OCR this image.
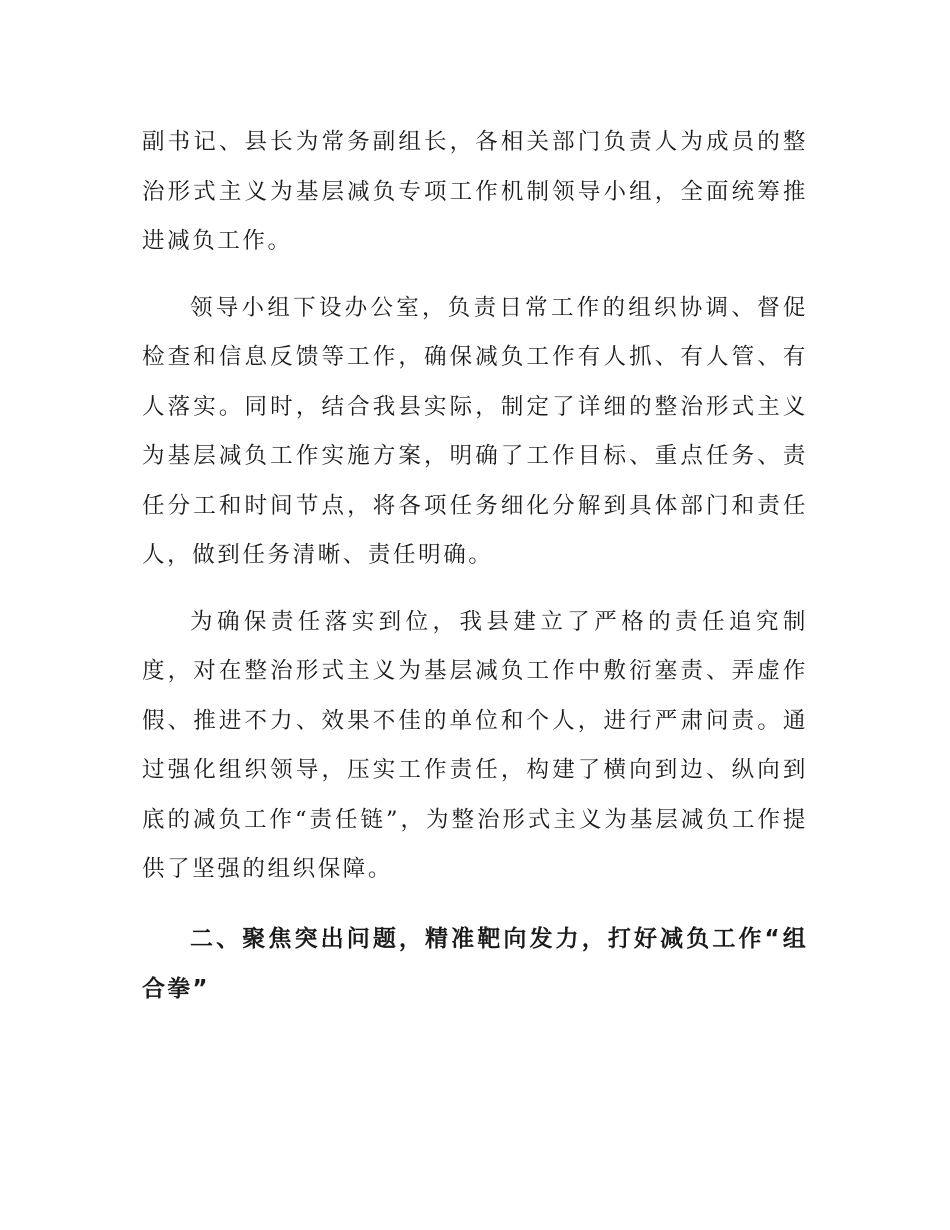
副书记、县长为常务副组长，各相关部门负责人为成员的整治形式主义为基层减负专项工作机制领导小组，全面统筹推进减负工作。

领导小组下设办公室，负责日常工作的组织协调、督促检查和信息反馈等工作，确保减负工作有人抓、有人管、有人落实。同时，结合我县实际，制定了详细的整治形式主义为基层减负工作实施方案，明确了工作目标、重点任务、责任分工和时间节点，将各项任务细化分解到具体部门和责任人，做到任务清晰、责任明确。

为确保责任落实到位，我县建立了严格的责任追究制度，对在整治形式主义为基层减负工作中敷衍塞责、弄虚作假、推进不力、效果不佳的单位和个人，进行严肃问责。通过强化组织领导，压实工作责任，构建了横向到边、纵向到底的减负工作“责任链”，为整治形式主义为基层减负工作提供了坚强的组织保障。

二、聚焦突出问题，精准靶向发力，打好减负工作“组合拳”
